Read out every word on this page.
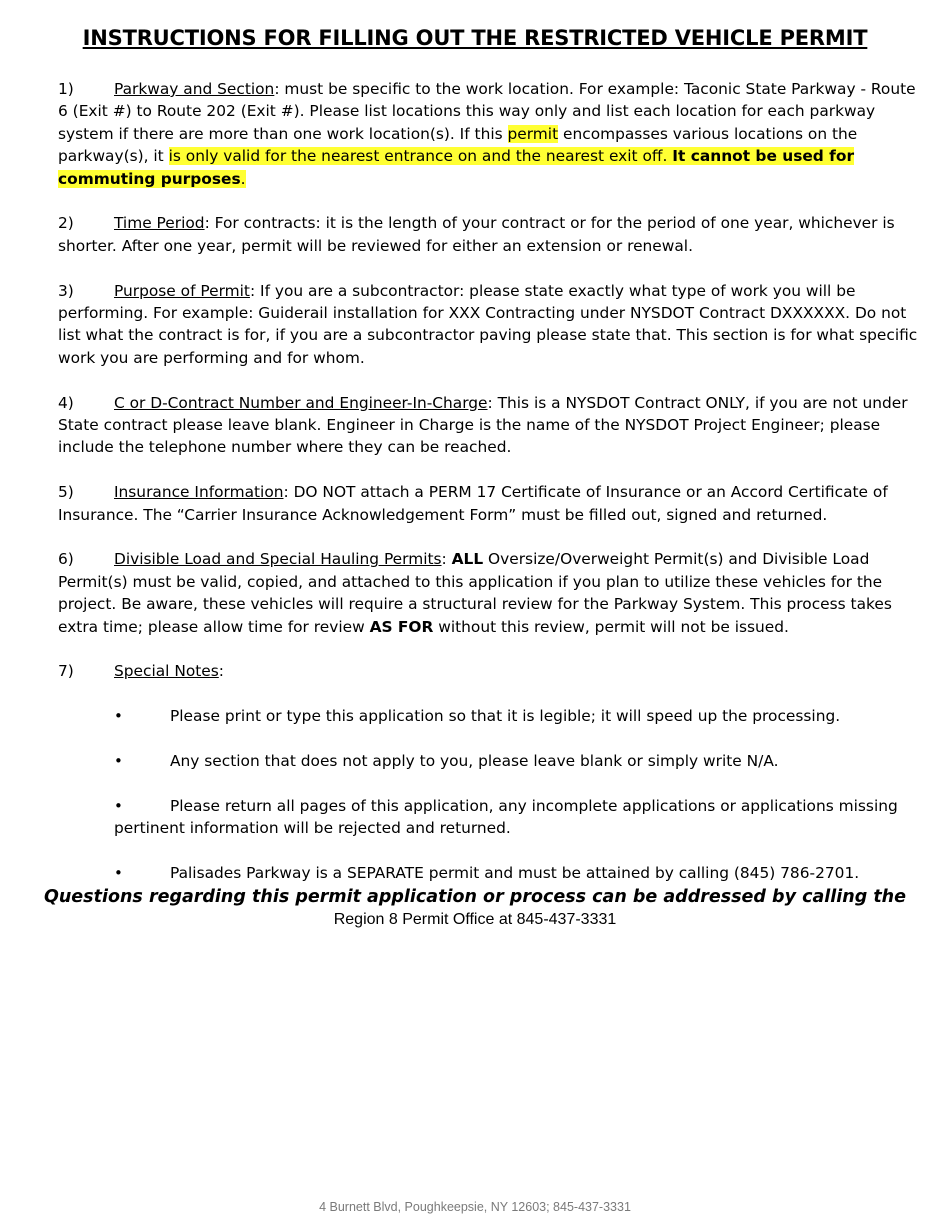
INSTRUCTIONS FOR FILLING OUT THE RESTRICTED VEHICLE PERMIT
1)	Parkway and Section: must be specific to the work location. For example: Taconic State Parkway - Route 6 (Exit #) to Route 202 (Exit #). Please list locations this way only and list each location for each parkway system if there are more than one work location(s). If this permit encompasses various locations on the parkway(s), it is only valid for the nearest entrance on and the nearest exit off. It cannot be used for commuting purposes.
2)	Time Period: For contracts: it is the length of your contract or for the period of one year, whichever is shorter. After one year, permit will be reviewed for either an extension or renewal.
3)	Purpose of Permit: If you are a subcontractor: please state exactly what type of work you will be performing. For example: Guiderail installation for XXX Contracting under NYSDOT Contract DXXXXXX. Do not list what the contract is for, if you are a subcontractor paving please state that. This section is for what specific work you are performing and for whom.
4)	C or D-Contract Number and Engineer-In-Charge: This is a NYSDOT Contract ONLY, if you are not under State contract please leave blank. Engineer in Charge is the name of the NYSDOT Project Engineer; please include the telephone number where they can be reached.
5)	Insurance Information: DO NOT attach a PERM 17 Certificate of Insurance or an Accord Certificate of Insurance. The “Carrier Insurance Acknowledgement Form” must be filled out, signed and returned.
6)	Divisible Load and Special Hauling Permits: ALL Oversize/Overweight Permit(s) and Divisible Load Permit(s) must be valid, copied, and attached to this application if you plan to utilize these vehicles for the project. Be aware, these vehicles will require a structural review for the Parkway System. This process takes extra time; please allow time for review AS FOR without this review, permit will not be issued.
7)	Special Notes:
•	Please print or type this application so that it is legible; it will speed up the processing.
•	Any section that does not apply to you, please leave blank or simply write N/A.
•	Please return all pages of this application, any incomplete applications or applications missing pertinent information will be rejected and returned.
•	Palisades Parkway is a SEPARATE permit and must be attained by calling (845) 786-2701.
Questions regarding this permit application or process can be addressed by calling the
Region 8 Permit Office at 845-437-3331
4 Burnett Blvd, Poughkeepsie, NY 12603; 845-437-3331
